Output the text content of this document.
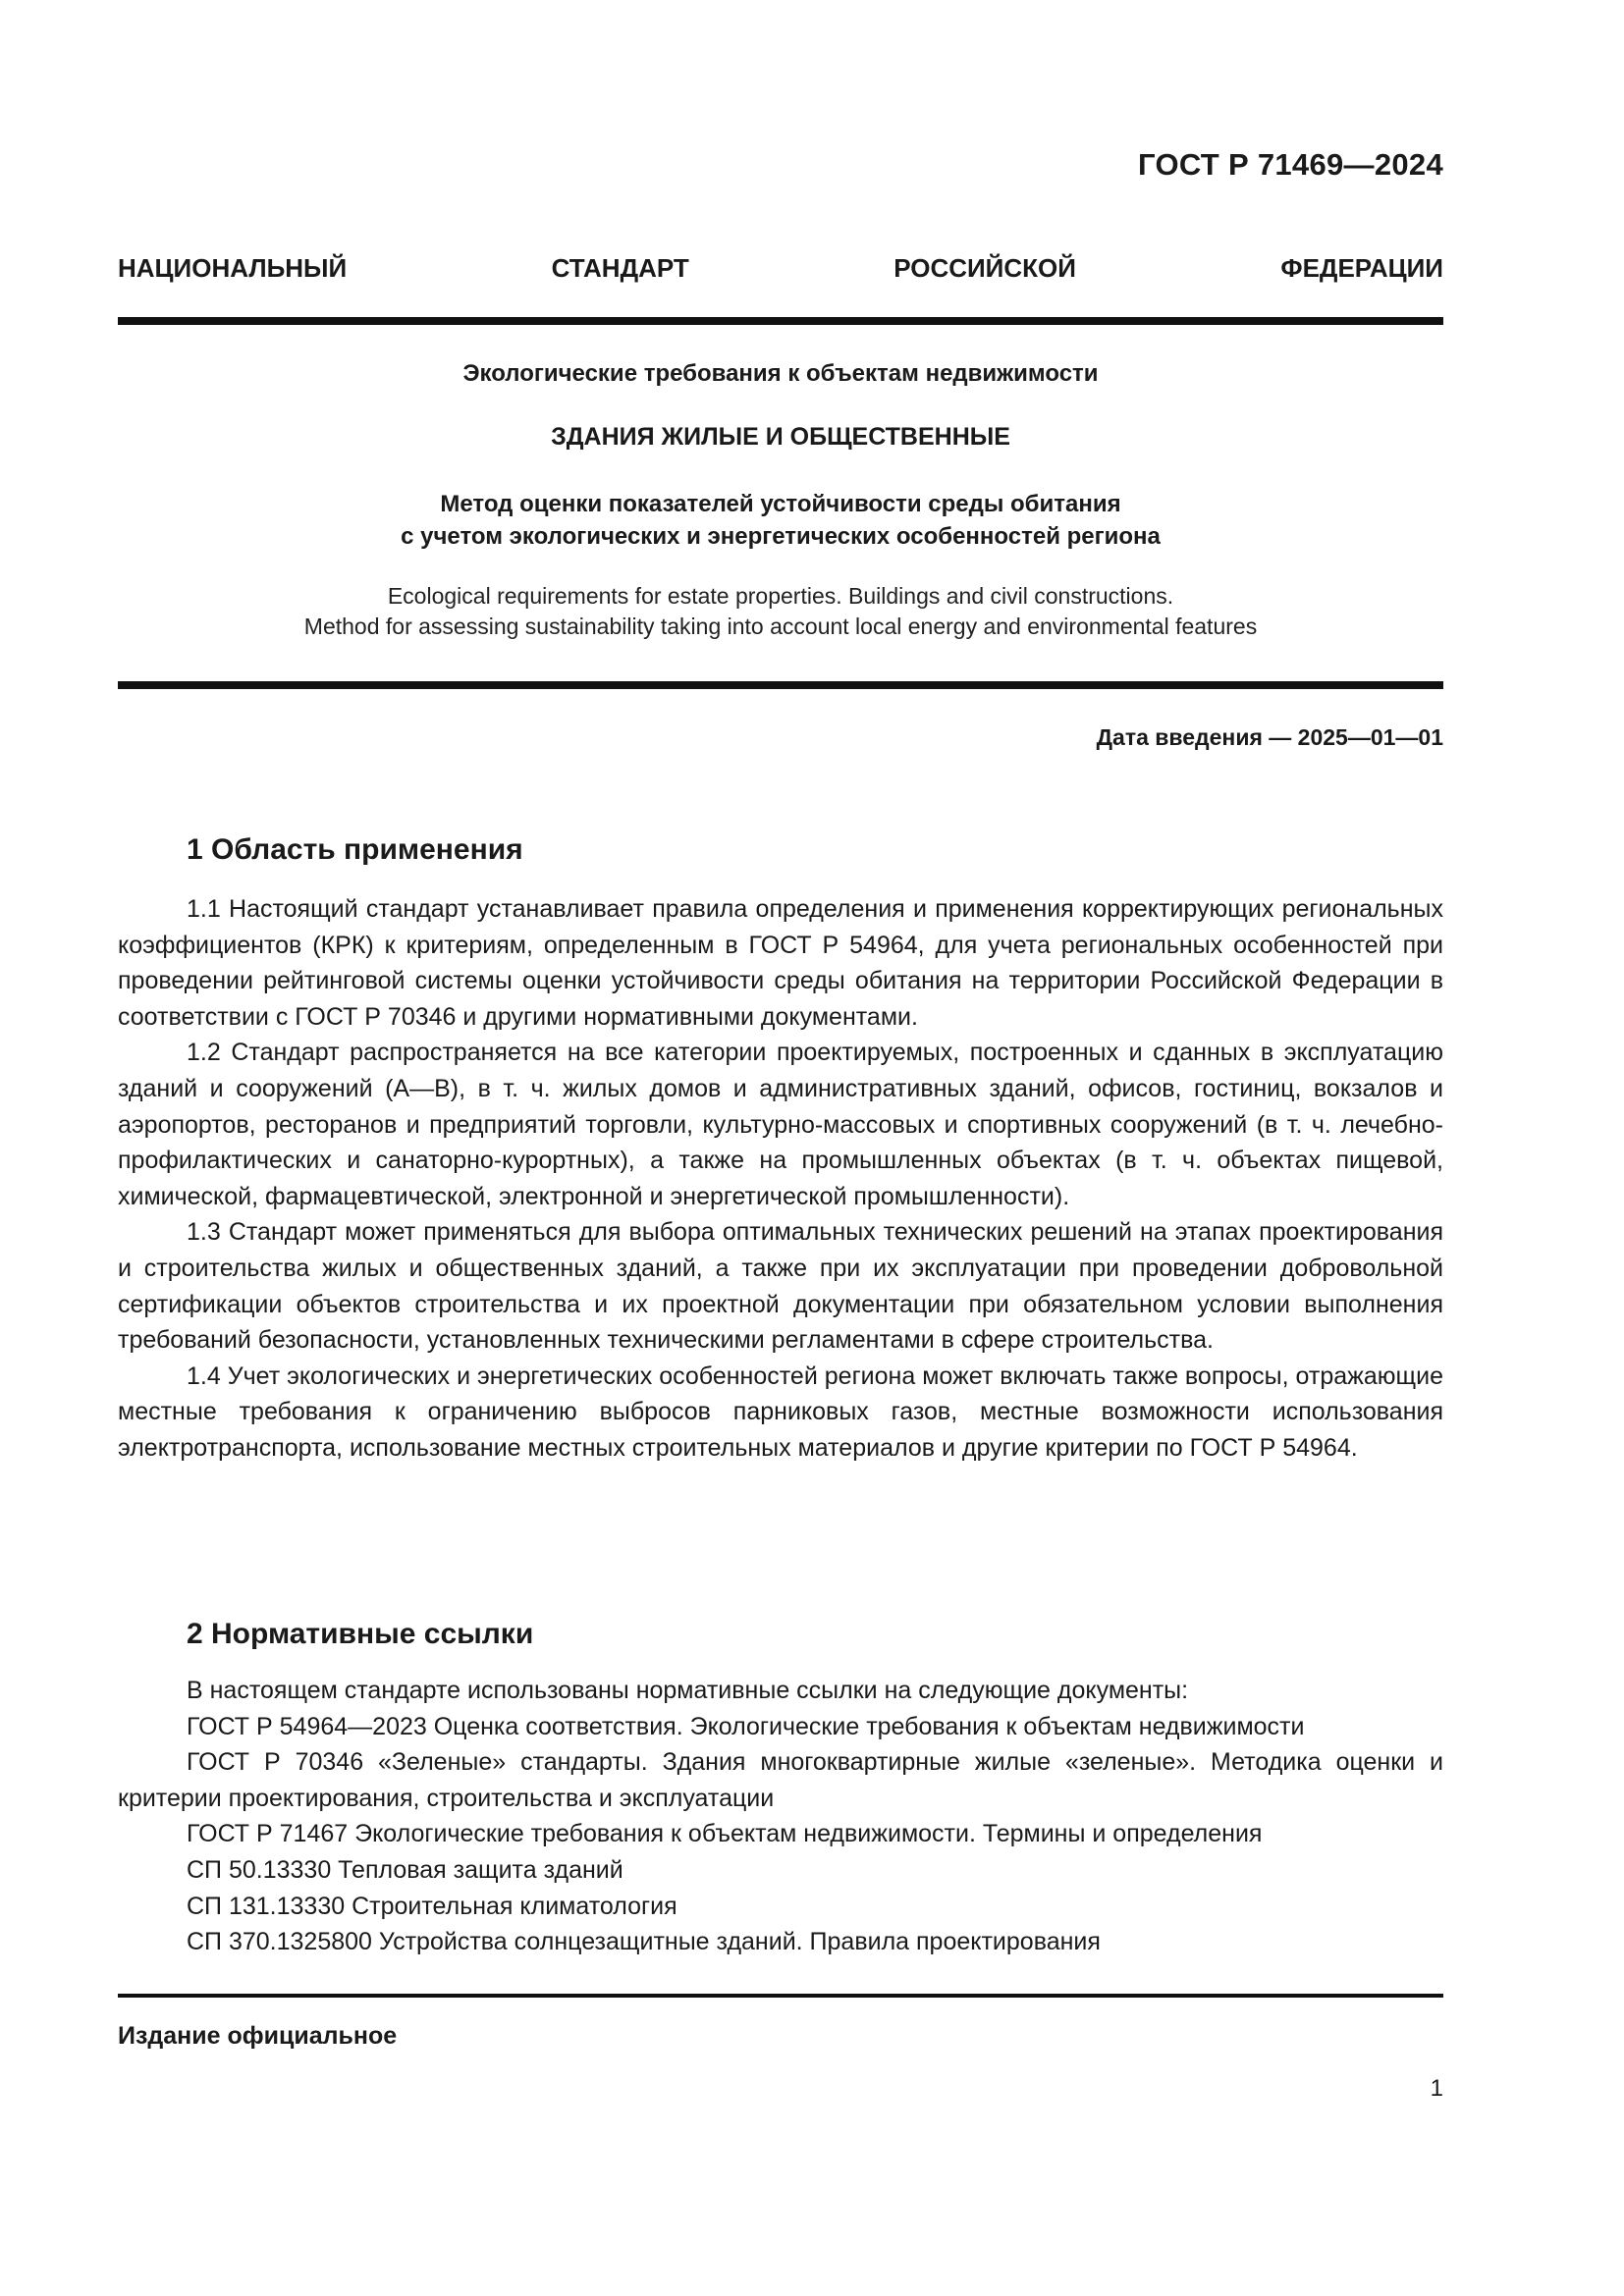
ГОСТ Р 71469—2024
НАЦИОНАЛЬНЫЙ СТАНДАРТ РОССИЙСКОЙ ФЕДЕРАЦИИ
Экологические требования к объектам недвижимости
ЗДАНИЯ ЖИЛЫЕ И ОБЩЕСТВЕННЫЕ
Метод оценки показателей устойчивости среды обитания
с учетом экологических и энергетических особенностей региона
Ecological requirements for estate properties. Buildings and civil constructions.
Method for assessing sustainability taking into account local energy and environmental features
Дата введения — 2025—01—01
1 Область применения

1.1 Настоящий стандарт устанавливает правила определения и применения корректирующих региональных коэффициентов (КРК) к критериям, определенным в ГОСТ Р 54964, для учета региональных особенностей при проведении рейтинговой системы оценки устойчивости среды обитания на территории Российской Федерации в соответствии с ГОСТ Р 70346 и другими нормативными документами.

1.2 Стандарт распространяется на все категории проектируемых, построенных и сданных в эксплуатацию зданий и сооружений (А—В), в т. ч. жилых домов и административных зданий, офисов, гостиниц, вокзалов и аэропортов, ресторанов и предприятий торговли, культурно-массовых и спортивных сооружений (в т. ч. лечебно-профилактических и санаторно-курортных), а также на промышленных объектах (в т. ч. объектах пищевой, химической, фармацевтической, электронной и энергетической промышленности).

1.3 Стандарт может применяться для выбора оптимальных технических решений на этапах проектирования и строительства жилых и общественных зданий, а также при их эксплуатации при проведении добровольной сертификации объектов строительства и их проектной документации при обязательном условии выполнения требований безопасности, установленных техническими регламентами в сфере строительства.

1.4 Учет экологических и энергетических особенностей региона может включать также вопросы, отражающие местные требования к ограничению выбросов парниковых газов, местные возможности использования электротранспорта, использование местных строительных материалов и другие критерии по ГОСТ Р 54964.

2 Нормативные ссылки

В настоящем стандарте использованы нормативные ссылки на следующие документы:

ГОСТ Р 54964—2023 Оценка соответствия. Экологические требования к объектам недвижимости

ГОСТ Р 70346 «Зеленые» стандарты. Здания многоквартирные жилые «зеленые». Методика оценки и критерии проектирования, строительства и эксплуатации

ГОСТ Р 71467 Экологические требования к объектам недвижимости. Термины и определения

СП 50.13330 Тепловая защита зданий

СП 131.13330 Строительная климатология

СП 370.1325800 Устройства солнцезащитные зданий. Правила проектирования

Издание официальное
1
